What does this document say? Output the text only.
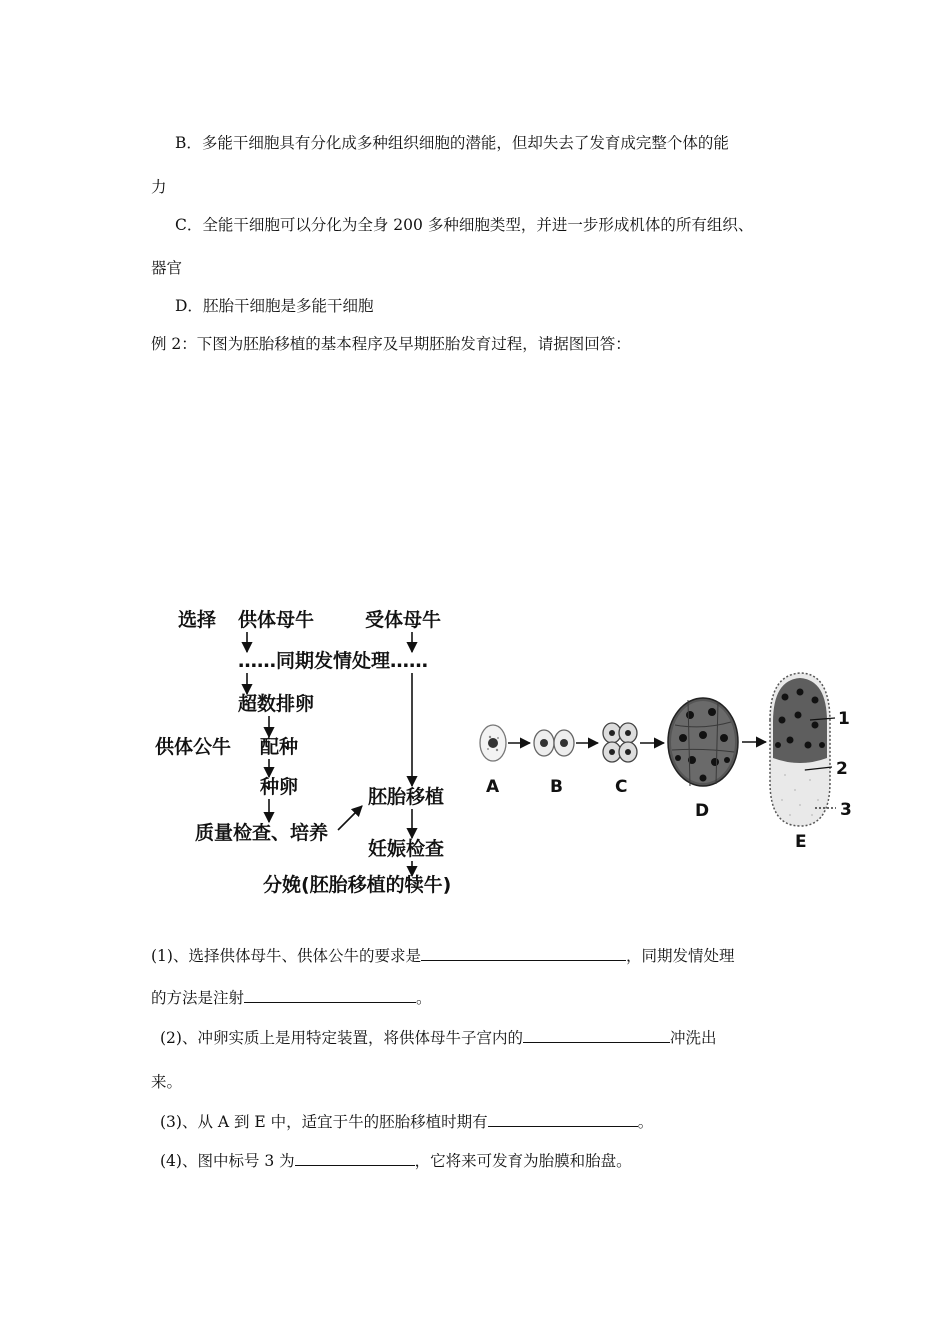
B．多能干细胞具有分化成多种组织细胞的潜能，但却失去了发育成完整个体的能
力
C．全能干细胞可以分化为全身 200 多种细胞类型，并进一步形成机体的所有组织、
器官
D．胚胎干细胞是多能干细胞
例 2：下图为胚胎移植的基本程序及早期胚胎发育过程，请据图回答：
选择 供体母牛	受体母牛
……同期发情处理……
超数排卵
供体公牛 配种
种卵
质量检查、培养
胚胎移植
妊娠检查
分娩(胚胎移植的犊牛)
A	B	C
D
E
1
2
3
(1)、选择供体母牛、供体公牛的要求是	，同期发情处理
的方法是注射	。
(2)、冲卵实质上是用特定装置，将供体母牛子宫内的	冲洗出
来。
(3)、从 A 到 E 中，适宜于牛的胚胎移植时期有	。
(4)、图中标号 3 为	，它将来可发育为胎膜和胎盘。
